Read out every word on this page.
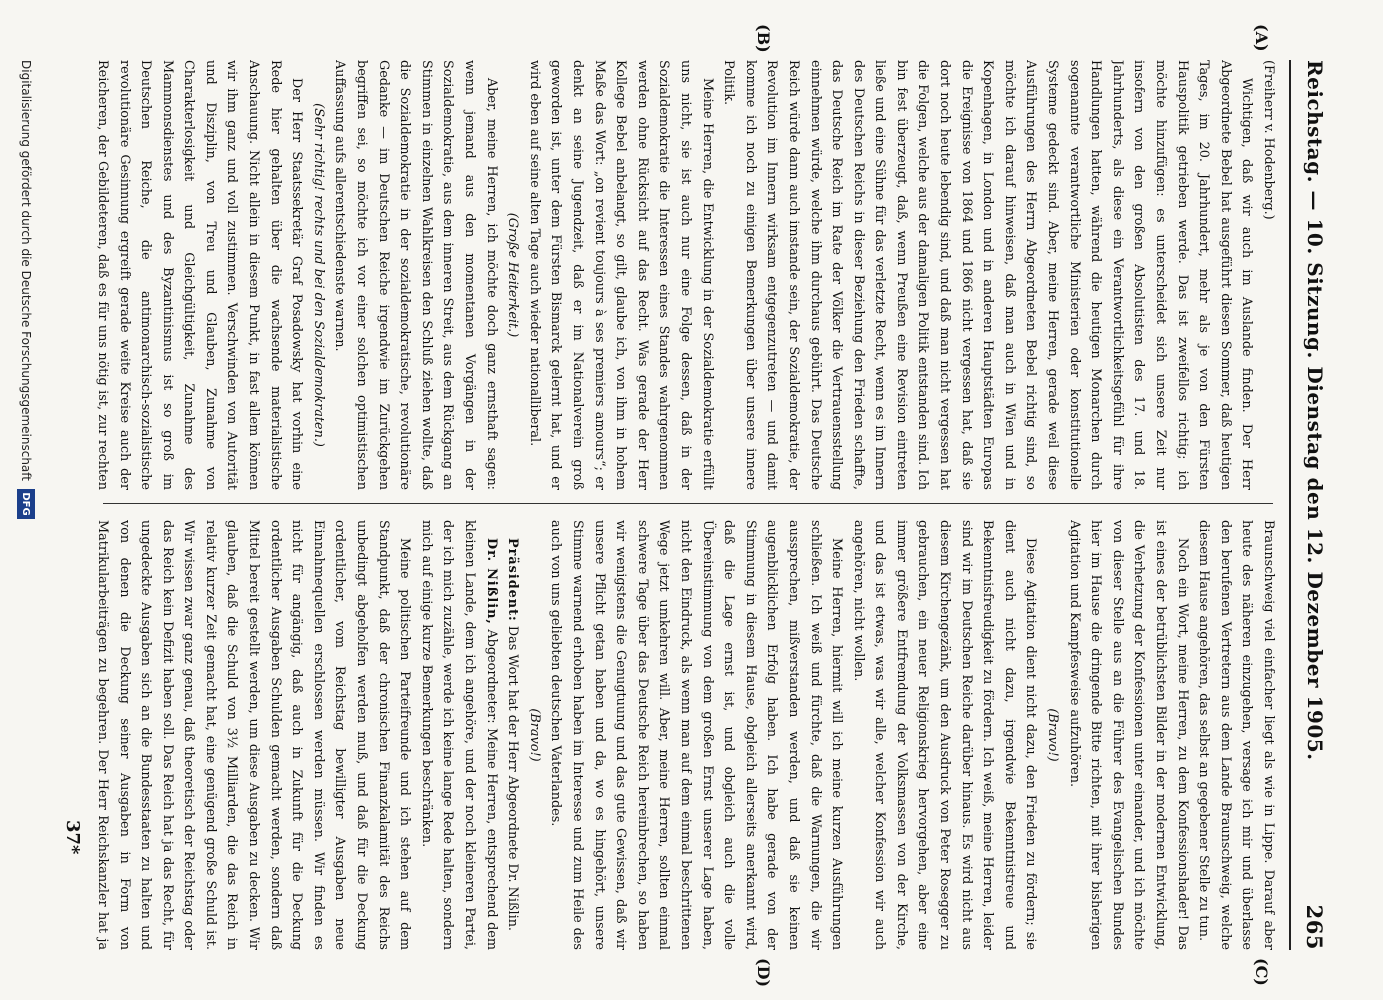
Reichstag. — 10. Sitzung. Dienstag den 12. Dezember 1905.
265
(A)
(B)
(C)
(D)

(Freiherr v. Hodenberg.)

Wichtigen, daß wir auch im Auslande finden. Der Herr Abgeordnete Bebel hat ausgeführt diesen Sommer, daß heutigen Tages, im 20. Jahrhundert, mehr als je von den Fürsten Hauspolitik getrieben werde. Das ist zweifellos richtig; ich möchte hinzufügen: es unterscheidet sich unsere Zeit nur insofern von den großen Absolutisten des 17. und 18. Jahrhunderts, als diese ein Verantwortlichkeitsgefühl für ihre Handlungen hatten, während die heutigen Monarchen durch sogenannte verantwortliche Ministerien oder konstitutionelle Systeme gedeckt sind. Aber, meine Herren, gerade weil diese Ausführungen des Herrn Abgeordneten Bebel richtig sind, so möchte ich darauf hinweisen, daß man auch in Wien und in Kopenhagen, in London und in anderen Hauptstädten Europas die Ereignisse von 1864 und 1866 nicht vergessen hat, daß sie dort noch heute lebendig sind, und daß man nicht vergessen hat die Folgen, welche aus der damaligen Politik entstanden sind. Ich bin fest überzeugt, daß, wenn Preußen eine Revision eintreten ließe und eine Sühne für das verletzte Recht, wenn es im Innern des Deutschen Reichs in dieser Beziehung den Frieden schaffte, das Deutsche Reich im Rate der Völker die Vertrauensstellung einnehmen würde, welche ihm durchaus gebührt. Das Deutsche Reich würde dann auch imstande sein, der Sozialdemokratie, der Revolution im Innern wirksam entgegenzutreten — und damit komme ich noch zu einigen Bemerkungen über unsere innere Politik.

Meine Herren, die Entwicklung in der Sozialdemokratie erfüllt uns nicht, sie ist auch nur eine Folge dessen, daß in der Sozialdemokratie die Interessen eines Standes wahrgenommen werden ohne Rücksicht auf das Recht. Was gerade der Herr Kollege Bebel anbelangt, so gilt, glaube ich, von ihm in hohem Maße das Wort: „on revient toujours à ses premiers amours“; er denkt an seine Jugendzeit, daß er im Nationalverein groß geworden ist, unter dem Fürsten Bismarck gelernt hat, und er wird eben auf seine alten Tage auch wieder nationalliberal.

(Große Heiterkeit.)

Aber, meine Herren, ich möchte doch ganz ernsthaft sagen: wenn jemand aus den momentanen Vorgängen in der Sozialdemokratie, aus dem inneren Streit, aus dem Rückgang an Stimmen in einzelnen Wahlkreisen den Schluß ziehen wollte, daß die Sozialdemokratie in der sozialdemokratische, revolutionäre Gedanke — im Deutschen Reiche irgendwie im Zurückgehen begriffen sei, so möchte ich vor einer solchen optimistischen Auffassung aufs allerentschiedenste warnen.

(Sehr richtig! rechts und bei den Sozialdemokraten.)

Der Herr Staatssekretär Graf Posadowsky hat vorhin eine Rede hier gehalten über die wachsende materialistische Anschauung. Nicht allein in diesem Punkt, in fast allem können wir ihm ganz und voll zustimmen. Verschwinden von Autorität und Disziplin, von Treu und Glauben, Zunahme von Charakterlosigkeit und Gleichgültigkeit, Zunahme des Mammonsdienstes und des Byzantinismus ist so groß im Deutschen Reiche, die antimonarchisch-sozialistische revolutionäre Gesinnung ergreift gerade weite Kreise auch der Reicheren, der Gebildeteren, daß es für uns nötig ist, zur rechten

Braunschweig viel einfacher liegt als wie in Lippe. Darauf aber heute des näheren einzugehen, versage ich mir und überlasse den berufenen Vertretern aus dem Lande Braunschweig, welche diesem Hause angehören, das selbst an gegebener Stelle zu tun.

Noch ein Wort, meine Herren, zu dem Konfessionshader! Das ist eines der betrüblichsten Bilder in der modernen Entwicklung, die Verhetzung der Konfessionen unter einander, und ich möchte von dieser Stelle aus an die Führer des Evangelischen Bundes hier im Hause die dringende Bitte richten, mit ihrer bisherigen Agitation und Kampfesweise aufzuhören.

(Bravo!)

Diese Agitation dient nicht dazu, den Frieden zu fördern; sie dient auch nicht dazu, irgendwie Bekenntnistreue und Bekenntnisfreudigkeit zu fördern. Ich weiß, meine Herren, leider sind wir im Deutschen Reiche darüber hinaus. Es wird nicht aus diesem Kirchengezänk, um den Ausdruck von Peter Rosegger zu gebrauchen, ein neuer Religionskrieg hervorgehen, aber eine immer größere Entfremdung der Volksmassen von der Kirche, und das ist etwas, was wir alle, welcher Konfession wir auch angehören, nicht wollen.

Meine Herren, hiermit will ich meine kurzen Ausführungen schließen. Ich weiß und fürchte, daß die Warnungen, die wir aussprechen, mißverstanden werden, und daß sie keinen augenblicklichen Erfolg haben. Ich habe gerade von der Stimmung in diesem Hause, obgleich allerseits anerkannt wird, daß die Lage ernst ist, und obgleich auch die volle Übereinstimmung von dem großen Ernst unserer Lage haben, nicht den Eindruck, als wenn man auf dem einmal beschrittenen Wege jetzt umkehren will. Aber, meine Herren, sollten einmal schwere Tage über das Deutsche Reich hereinbrechen, so haben wir wenigstens die Genugtuung und das gute Gewissen, daß wir unsere Pflicht getan haben und da, wo es hingehört, unsere Stimme warnend erhoben haben im Interesse und zum Heile des auch von uns geliebten deutschen Vaterlandes.

(Bravo!)

Präsident: Das Wort hat der Herr Abgeordnete Dr. Nißlin.

Dr. Nißlin, Abgeordneter: Meine Herren, entsprechend dem kleinen Lande, dem ich angehöre, und der noch kleineren Partei, der ich mich zuzähle, werde ich keine lange Rede halten, sondern mich auf einige kurze Bemerkungen beschränken.

Meine politischen Parteifreunde und ich stehen auf dem Standpunkt, daß der chronischen Finanzkalamität des Reichs unbedingt abgeholfen werden muß, und daß für die Deckung ordentlicher, vom Reichstag bewilligter Ausgaben neue Einnahmequellen erschlossen werden müssen. Wir finden es nicht für angängig, daß auch in Zukunft für die Deckung ordentlicher Ausgaben Schulden gemacht werden, sondern daß Mittel bereit gestellt werden, um diese Ausgaben zu decken. Wir glauben, daß die Schuld von 3½ Milliarden, die das Reich in relativ kurzer Zeit gemacht hat, eine genügend große Schuld ist. Wir wissen zwar ganz genau, daß theoretisch der Reichstag oder das Reich kein Defizit haben soll. Das Reich hat ja das Recht, für ungedeckte Ausgaben sich an die Bundesstaaten zu halten und von denen die Deckung seiner Ausgaben in Form von Matrikularbeiträgen zu begehren. Der Herr Reichskanzler hat ja

37*
Digitalisierung gefördert durch die Deutsche Forschungsgemeinschaft
DFG
